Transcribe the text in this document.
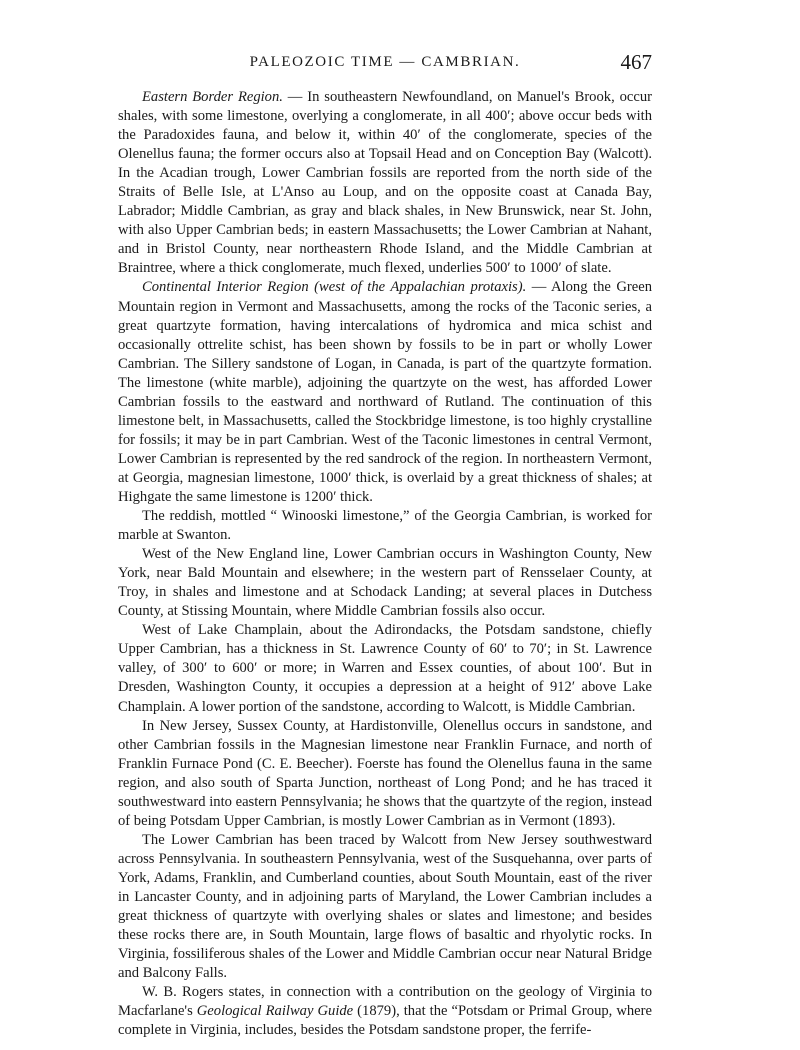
PALEOZOIC TIME — CAMBRIAN.	467

Eastern Border Region. — In southeastern Newfoundland, on Manuel's Brook, occur shales, with some limestone, overlying a conglomerate, in all 400′; above occur beds with the Paradoxides fauna, and below it, within 40′ of the conglomerate, species of the Olenellus fauna; the former occurs also at Topsail Head and on Conception Bay (Walcott). In the Acadian trough, Lower Cambrian fossils are reported from the north side of the Straits of Belle Isle, at L'Anso au Loup, and on the opposite coast at Canada Bay, Labrador; Middle Cambrian, as gray and black shales, in New Brunswick, near St. John, with also Upper Cambrian beds; in eastern Massachusetts; the Lower Cambrian at Nahant, and in Bristol County, near northeastern Rhode Island, and the Middle Cambrian at Braintree, where a thick conglomerate, much flexed, underlies 500′ to 1000′ of slate.

Continental Interior Region (west of the Appalachian protaxis). — Along the Green Mountain region in Vermont and Massachusetts, among the rocks of the Taconic series, a great quartzyte formation, having intercalations of hydromica and mica schist and occasionally ottrelite schist, has been shown by fossils to be in part or wholly Lower Cambrian. The Sillery sandstone of Logan, in Canada, is part of the quartzyte formation. The limestone (white marble), adjoining the quartzyte on the west, has afforded Lower Cambrian fossils to the eastward and northward of Rutland. The continuation of this limestone belt, in Massachusetts, called the Stockbridge limestone, is too highly crystalline for fossils; it may be in part Cambrian. West of the Taconic limestones in central Vermont, Lower Cambrian is represented by the red sandrock of the region. In northeastern Vermont, at Georgia, magnesian limestone, 1000′ thick, is overlaid by a great thickness of shales; at Highgate the same limestone is 1200′ thick.

The reddish, mottled “ Winooski limestone,” of the Georgia Cambrian, is worked for marble at Swanton.

West of the New England line, Lower Cambrian occurs in Washington County, New York, near Bald Mountain and elsewhere; in the western part of Rensselaer County, at Troy, in shales and limestone and at Schodack Landing; at several places in Dutchess County, at Stissing Mountain, where Middle Cambrian fossils also occur.

West of Lake Champlain, about the Adirondacks, the Potsdam sandstone, chiefly Upper Cambrian, has a thickness in St. Lawrence County of 60′ to 70′; in St. Lawrence valley, of 300′ to 600′ or more; in Warren and Essex counties, of about 100′. But in Dresden, Washington County, it occupies a depression at a height of 912′ above Lake Champlain. A lower portion of the sandstone, according to Walcott, is Middle Cambrian.

In New Jersey, Sussex County, at Hardistonville, Olenellus occurs in sandstone, and other Cambrian fossils in the Magnesian limestone near Franklin Furnace, and north of Franklin Furnace Pond (C. E. Beecher). Foerste has found the Olenellus fauna in the same region, and also south of Sparta Junction, northeast of Long Pond; and he has traced it southwestward into eastern Pennsylvania; he shows that the quartzyte of the region, instead of being Potsdam Upper Cambrian, is mostly Lower Cambrian as in Vermont (1893).

The Lower Cambrian has been traced by Walcott from New Jersey southwestward across Pennsylvania. In southeastern Pennsylvania, west of the Susquehanna, over parts of York, Adams, Franklin, and Cumberland counties, about South Mountain, east of the river in Lancaster County, and in adjoining parts of Maryland, the Lower Cambrian includes a great thickness of quartzyte with overlying shales or slates and limestone; and besides these rocks there are, in South Mountain, large flows of basaltic and rhyolytic rocks. In Virginia, fossiliferous shales of the Lower and Middle Cambrian occur near Natural Bridge and Balcony Falls.

W. B. Rogers states, in connection with a contribution on the geology of Virginia to Macfarlane's Geological Railway Guide (1879), that the “Potsdam or Primal Group, where complete in Virginia, includes, besides the Potsdam sandstone proper, the ferrife-
